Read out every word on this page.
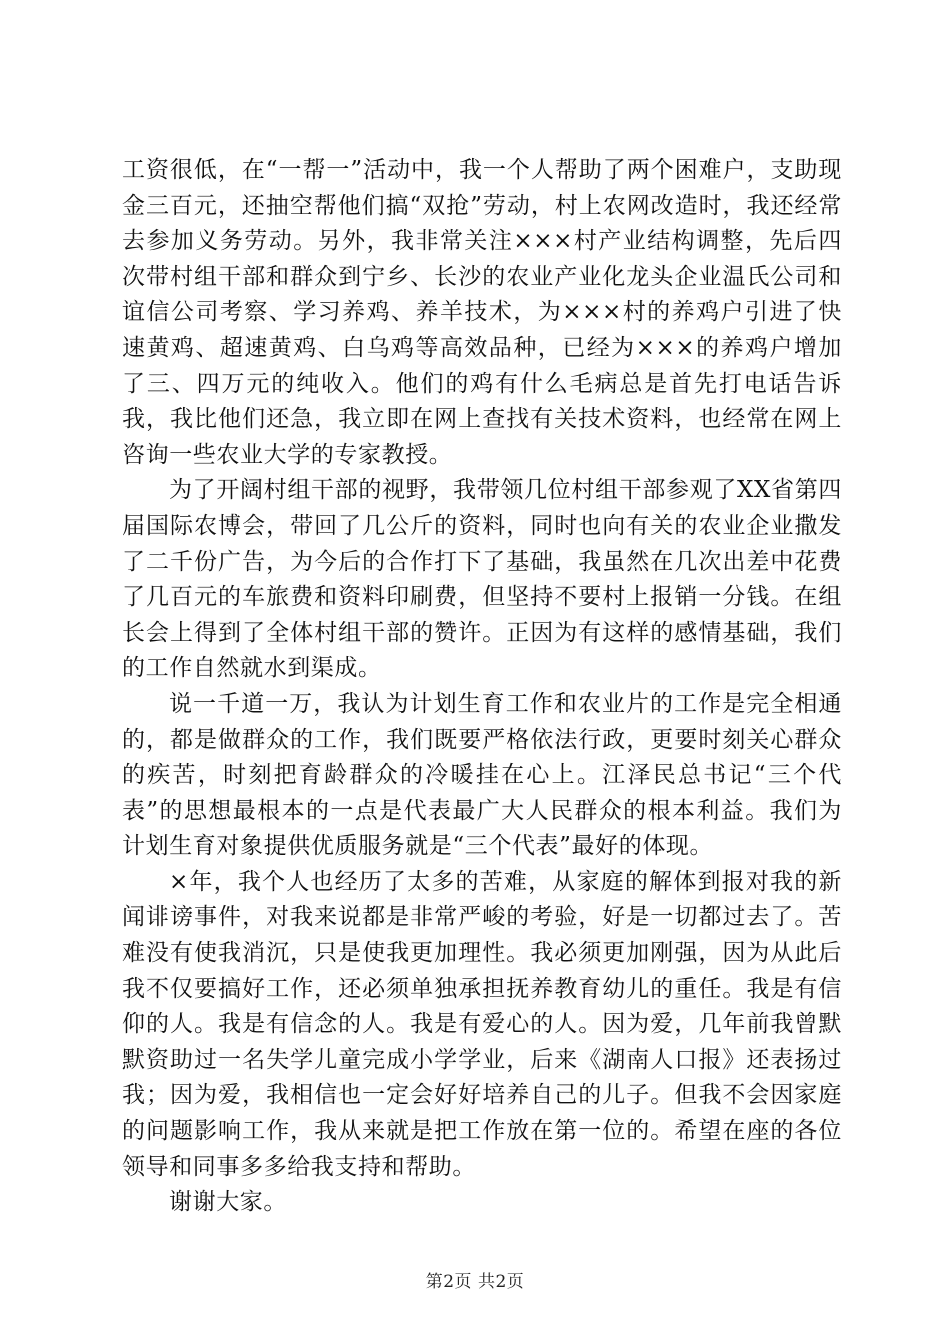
工资很低，在“一帮一”活动中，我一个人帮助了两个困难户，支助现金三百元，还抽空帮他们搞“双抢”劳动，村上农网改造时，我还经常去参加义务劳动。另外，我非常关注×××村产业结构调整，先后四次带村组干部和群众到宁乡、长沙的农业产业化龙头企业温氏公司和谊信公司考察、学习养鸡、养羊技术，为×××村的养鸡户引进了快速黄鸡、超速黄鸡、白乌鸡等高效品种，已经为×××的养鸡户增加了三、四万元的纯收入。他们的鸡有什么毛病总是首先打电话告诉我，我比他们还急，我立即在网上查找有关技术资料，也经常在网上咨询一些农业大学的专家教授。

为了开阔村组干部的视野，我带领几位村组干部参观了XX省第四届国际农博会，带回了几公斤的资料，同时也向有关的农业企业撒发了二千份广告，为今后的合作打下了基础，我虽然在几次出差中花费了几百元的车旅费和资料印刷费，但坚持不要村上报销一分钱。在组长会上得到了全体村组干部的赞许。正因为有这样的感情基础，我们的工作自然就水到渠成。

说一千道一万，我认为计划生育工作和农业片的工作是完全相通的，都是做群众的工作，我们既要严格依法行政，更要时刻关心群众的疾苦，时刻把育龄群众的冷暖挂在心上。江泽民总书记“三个代表”的思想最根本的一点是代表最广大人民群众的根本利益。我们为计划生育对象提供优质服务就是“三个代表”最好的体现。

×年，我个人也经历了太多的苦难，从家庭的解体到报对我的新闻诽谤事件，对我来说都是非常严峻的考验，好是一切都过去了。苦难没有使我消沉，只是使我更加理性。我必须更加刚强，因为从此后我不仅要搞好工作，还必须单独承担抚养教育幼儿的重任。我是有信仰的人。我是有信念的人。我是有爱心的人。因为爱，几年前我曾默默资助过一名失学儿童完成小学学业，后来《湖南人口报》还表扬过我；因为爱，我相信也一定会好好培养自己的儿子。但我不会因家庭的问题影响工作，我从来就是把工作放在第一位的。希望在座的各位领导和同事多多给我支持和帮助。

谢谢大家。

第2页 共2页
